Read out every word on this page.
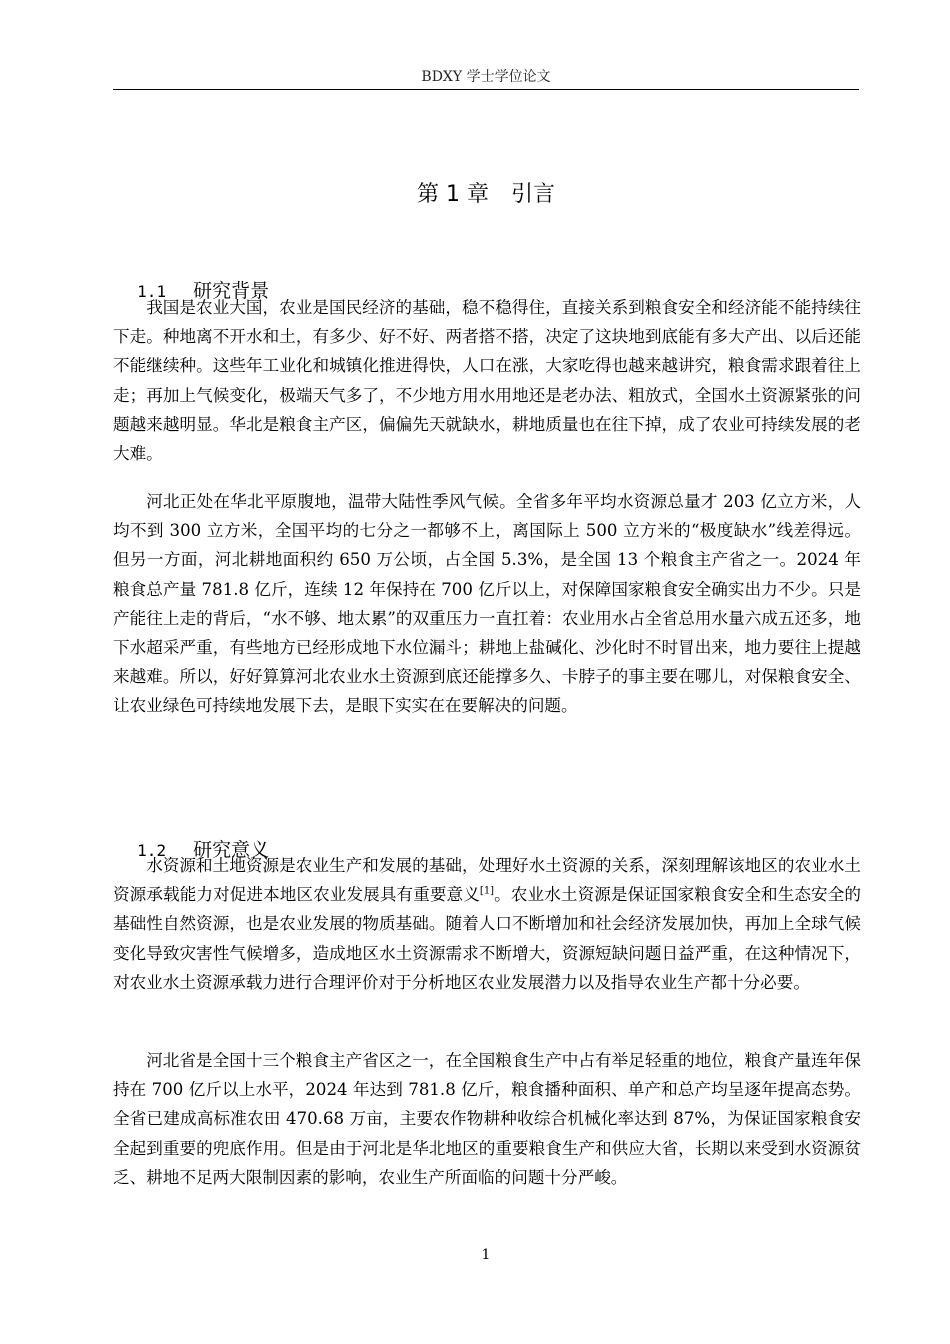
BDXY 学士学位论文
第 1 章　引言

1.1 研究背景

我国是农业大国，农业是国民经济的基础，稳不稳得住，直接关系到粮食安全和经济能不能持续往下走。种地离不开水和土，有多少、好不好、两者搭不搭，决定了这块地到底能有多大产出、以后还能不能继续种。这些年工业化和城镇化推进得快，人口在涨，大家吃得也越来越讲究，粮食需求跟着往上走；再加上气候变化，极端天气多了，不少地方用水用地还是老办法、粗放式，全国水土资源紧张的问题越来越明显。华北是粮食主产区，偏偏先天就缺水，耕地质量也在往下掉，成了农业可持续发展的老大难。

河北正处在华北平原腹地，温带大陆性季风气候。全省多年平均水资源总量才 203 亿立方米，人均不到 300 立方米，全国平均的七分之一都够不上，离国际上 500 立方米的“极度缺水”线差得远。但另一方面，河北耕地面积约 650 万公顷，占全国 5.3%，是全国 13 个粮食主产省之一。2024 年粮食总产量 781.8 亿斤，连续 12 年保持在 700 亿斤以上，对保障国家粮食安全确实出力不少。只是产能往上走的背后，“水不够、地太累”的双重压力一直扛着：农业用水占全省总用水量六成五还多，地下水超采严重，有些地方已经形成地下水位漏斗；耕地上盐碱化、沙化时不时冒出来，地力要往上提越来越难。所以，好好算算河北农业水土资源到底还能撑多久、卡脖子的事主要在哪儿，对保粮食安全、让农业绿色可持续地发展下去，是眼下实实在在要解决的问题。

1.2 研究意义

水资源和土地资源是农业生产和发展的基础，处理好水土资源的关系，深刻理解该地区的农业水土资源承载能力对促进本地区农业发展具有重要意义[1]。农业水土资源是保证国家粮食安全和生态安全的基础性自然资源，也是农业发展的物质基础。随着人口不断增加和社会经济发展加快，再加上全球气候变化导致灾害性气候增多，造成地区水土资源需求不断增大，资源短缺问题日益严重，在这种情况下，对农业水土资源承载力进行合理评价对于分析地区农业发展潜力以及指导农业生产都十分必要。

河北省是全国十三个粮食主产省区之一，在全国粮食生产中占有举足轻重的地位，粮食产量连年保持在 700 亿斤以上水平，2024 年达到 781.8 亿斤，粮食播种面积、单产和总产均呈逐年提高态势。全省已建成高标准农田 470.68 万亩，主要农作物耕种收综合机械化率达到 87%，为保证国家粮食安全起到重要的兜底作用。但是由于河北是华北地区的重要粮食生产和供应大省，长期以来受到水资源贫乏、耕地不足两大限制因素的影响，农业生产所面临的问题十分严峻。

1
